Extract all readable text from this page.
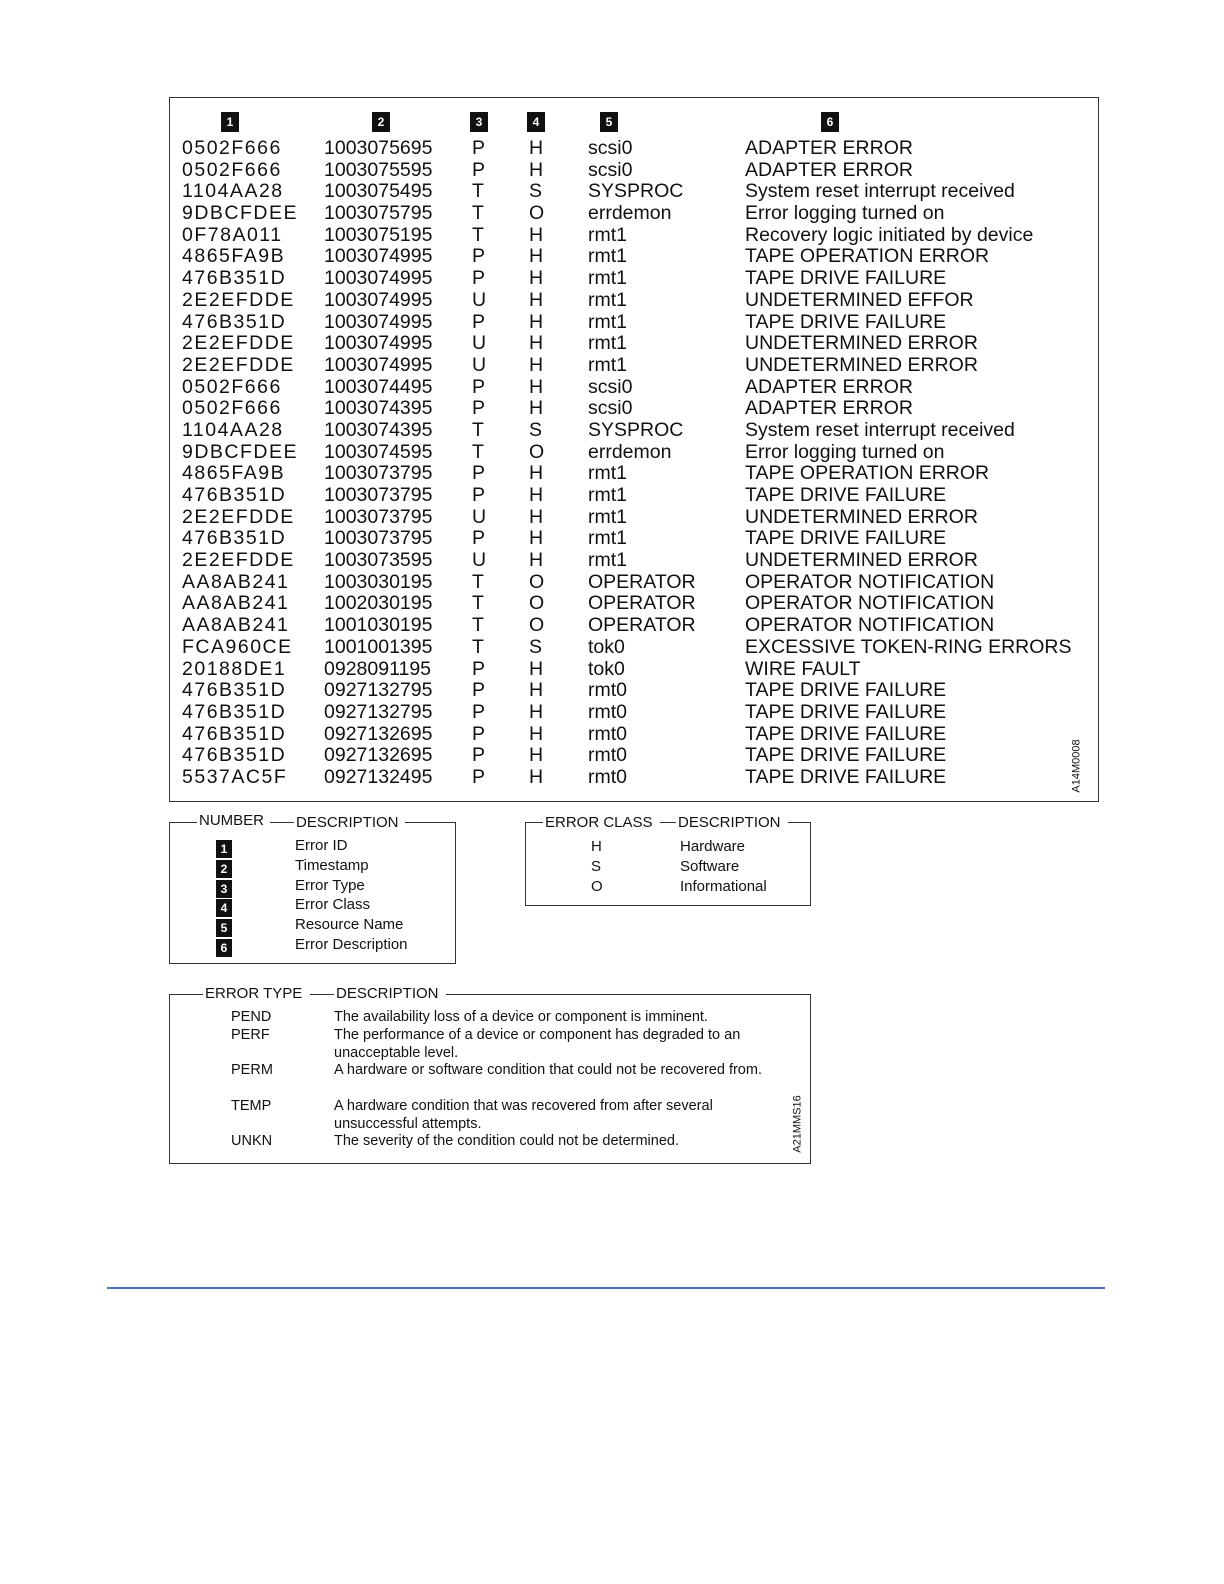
1	2	3	4	5	6
0502F666 1003075695 P H scsi0	ADAPTER ERROR
0502F666 1003075595 P H scsi0	ADAPTER ERROR
1104AA28 1003075495 T S SYSPROC	System reset interrupt received
9DBCFDEE 1003075795 T O errdemon	Error logging turned on
0F78A011 1003075195 T H rmt1	Recovery logic initiated by device
4865FA9B 1003074995 P H rmt1	TAPE OPERATION ERROR
476B351D 1003074995 P H rmt1	TAPE DRIVE FAILURE
2E2EFDDE 1003074995 U H rmt1	UNDETERMINED EFFOR
476B351D 1003074995 P H rmt1	TAPE DRIVE FAILURE
2E2EFDDE 1003074995 U H rmt1	UNDETERMINED ERROR
2E2EFDDE 1003074995 U H rmt1	UNDETERMINED ERROR
0502F666 1003074495 P H scsi0	ADAPTER ERROR
0502F666 1003074395 P H scsi0	ADAPTER ERROR
1104AA28 1003074395 T S SYSPROC	System reset interrupt received
9DBCFDEE 1003074595 T O errdemon	Error logging turned on
4865FA9B 1003073795 P H rmt1	TAPE OPERATION ERROR
476B351D 1003073795 P H rmt1	TAPE DRIVE FAILURE
2E2EFDDE 1003073795 U H rmt1	UNDETERMINED ERROR
476B351D 1003073795 P H rmt1	TAPE DRIVE FAILURE
2E2EFDDE 1003073595 U H rmt1	UNDETERMINED ERROR
AA8AB241 1003030195 T O OPERATOR	OPERATOR NOTIFICATION
AA8AB241 1002030195 T O OPERATOR	OPERATOR NOTIFICATION
AA8AB241 1001030195 T O OPERATOR	OPERATOR NOTIFICATION
FCA960CE 1001001395 T S tok0	EXCESSIVE TOKEN-RING ERRORS
20188DE1 0928091195 P H tok0	WIRE FAULT
476B351D 0927132795 P H rmt0	TAPE DRIVE FAILURE
476B351D 0927132795 P H rmt0	TAPE DRIVE FAILURE
476B351D 0927132695 P H rmt0	TAPE DRIVE FAILURE
476B351D 0927132695 P H rmt0	TAPE DRIVE FAILURE
5537AC5F 0927132495 P H rmt0	TAPE DRIVE FAILURE	A14M0008
NUMBER DESCRIPTION
1	Error ID
2	Timestamp
3	Error Type
4	Error Class
5	Resource Name
6	Error Description
ERROR CLASS DESCRIPTION
H	Hardware
S	Software
O	Informational
ERROR TYPE DESCRIPTION
PEND	The availability loss of a device or component is imminent.
PERF	The performance of a device or component has degraded to an unacceptable level.
PERM	A hardware or software condition that could not be recovered from.
TEMP	A hardware condition that was recovered from after several unsuccessful attempts.
UNKN	The severity of the condition could not be determined.	A21MMS16
